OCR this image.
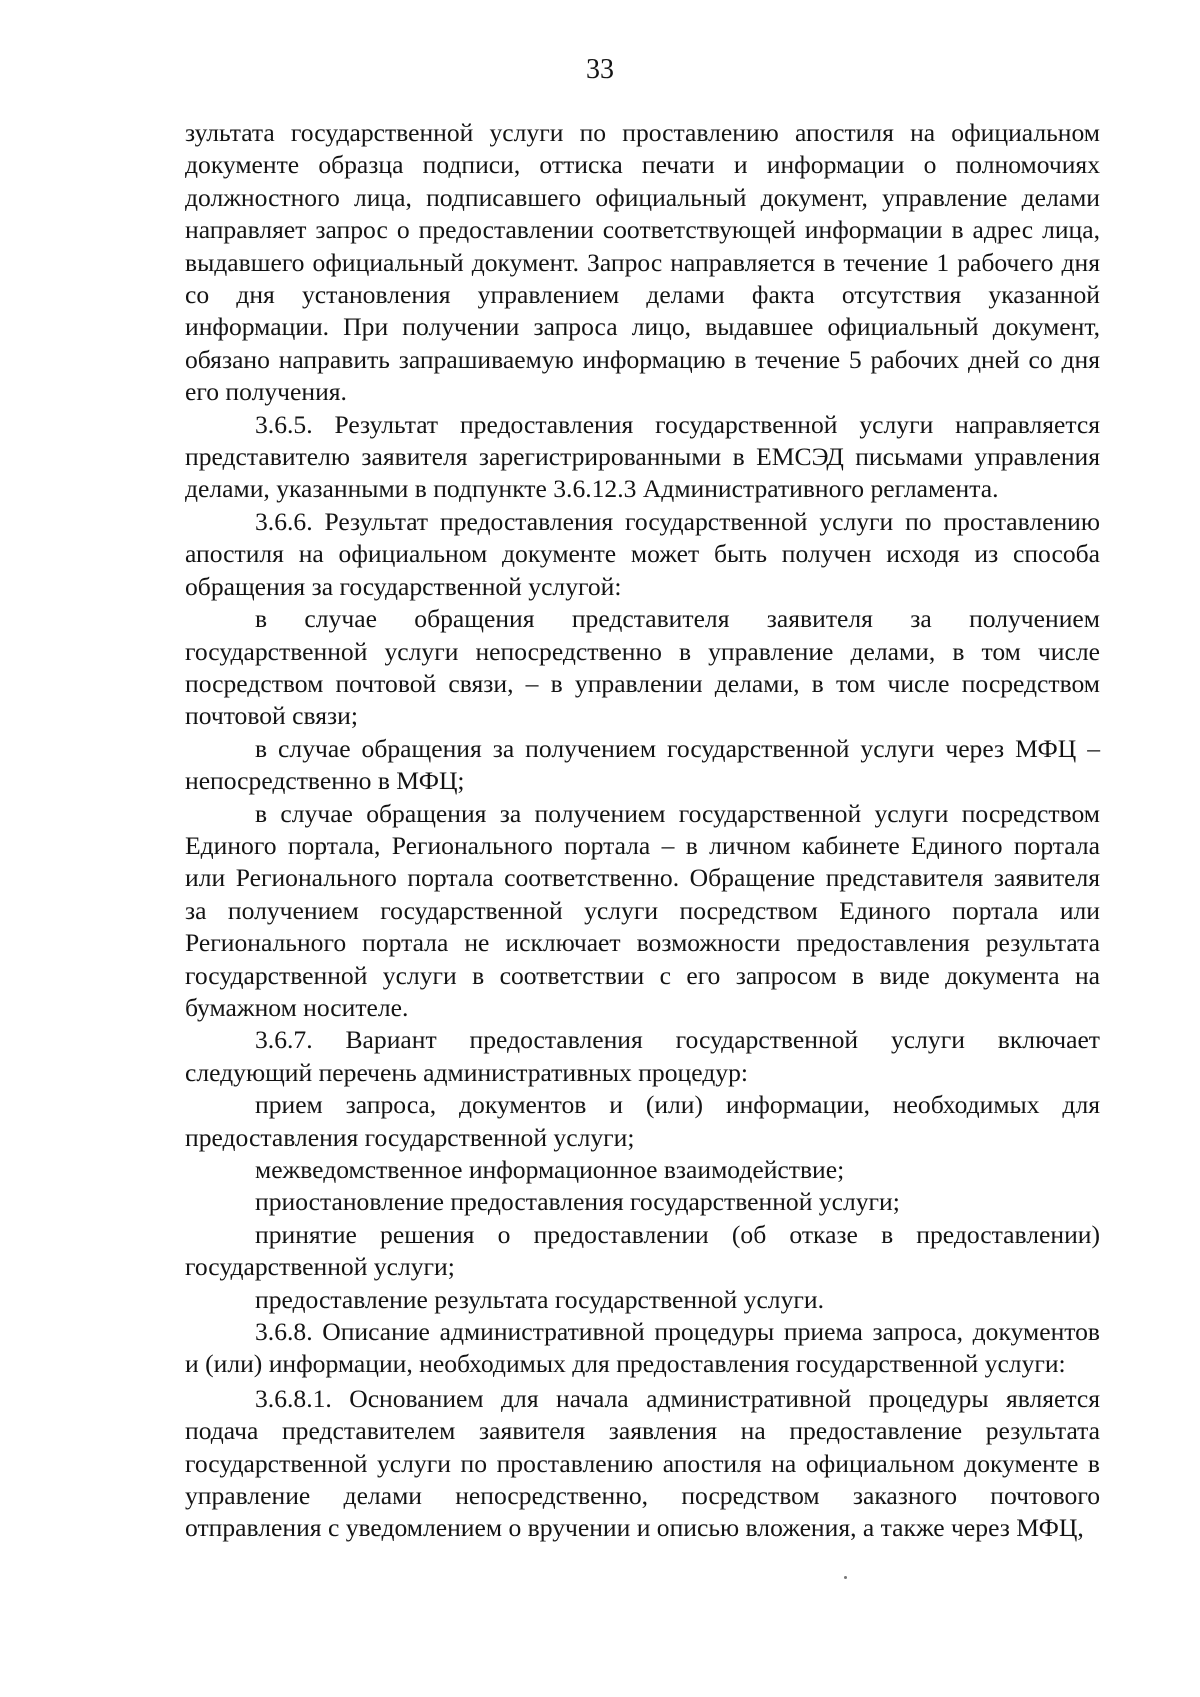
33

зультата государственной услуги по проставлению апостиля на официальном документе образца подписи, оттиска печати и информации о полномочиях должностного лица, подписавшего официальный документ, управление делами направляет запрос о предоставлении соответствующей информации в адрес лица, выдавшего официальный документ. Запрос направляется в течение 1 рабочего дня со дня установления управлением делами факта отсутствия указанной информации. При получении запроса лицо, выдавшее официальный документ, обязано направить запрашиваемую информацию в течение 5 рабочих дней со дня его получения.

3.6.5. Результат предоставления государственной услуги направляется представителю заявителя зарегистрированными в ЕМСЭД письмами управления делами, указанными в подпункте 3.6.12.3 Административного регламента.

3.6.6. Результат предоставления государственной услуги по проставлению апостиля на официальном документе может быть получен исходя из способа обращения за государственной услугой:

в случае обращения представителя заявителя за получением государственной услуги непосредственно в управление делами, в том числе посредством почтовой связи, – в управлении делами, в том числе посредством почтовой связи;

в случае обращения за получением государственной услуги через МФЦ – непосредственно в МФЦ;

в случае обращения за получением государственной услуги посредством Единого портала, Регионального портала – в личном кабинете Единого портала или Регионального портала соответственно. Обращение представителя заявителя за получением государственной услуги посредством Единого портала или Регионального портала не исключает возможности предоставления результата государственной услуги в соответствии с его запросом в виде документа на бумажном носителе.

3.6.7. Вариант предоставления государственной услуги включает следующий перечень административных процедур:

прием запроса, документов и (или) информации, необходимых для предоставления государственной услуги;

межведомственное информационное взаимодействие;

приостановление предоставления государственной услуги;

принятие решения о предоставлении (об отказе в предоставлении) государственной услуги;

предоставление результата государственной услуги.

3.6.8. Описание административной процедуры приема запроса, документов и (или) информации, необходимых для предоставления государственной услуги:

3.6.8.1. Основанием для начала административной процедуры является подача представителем заявителя заявления на предоставление результата государственной услуги по проставлению апостиля на официальном документе в управление делами непосредственно, посредством заказного почтового отправления с уведомлением о вручении и описью вложения, а также через МФЦ,
